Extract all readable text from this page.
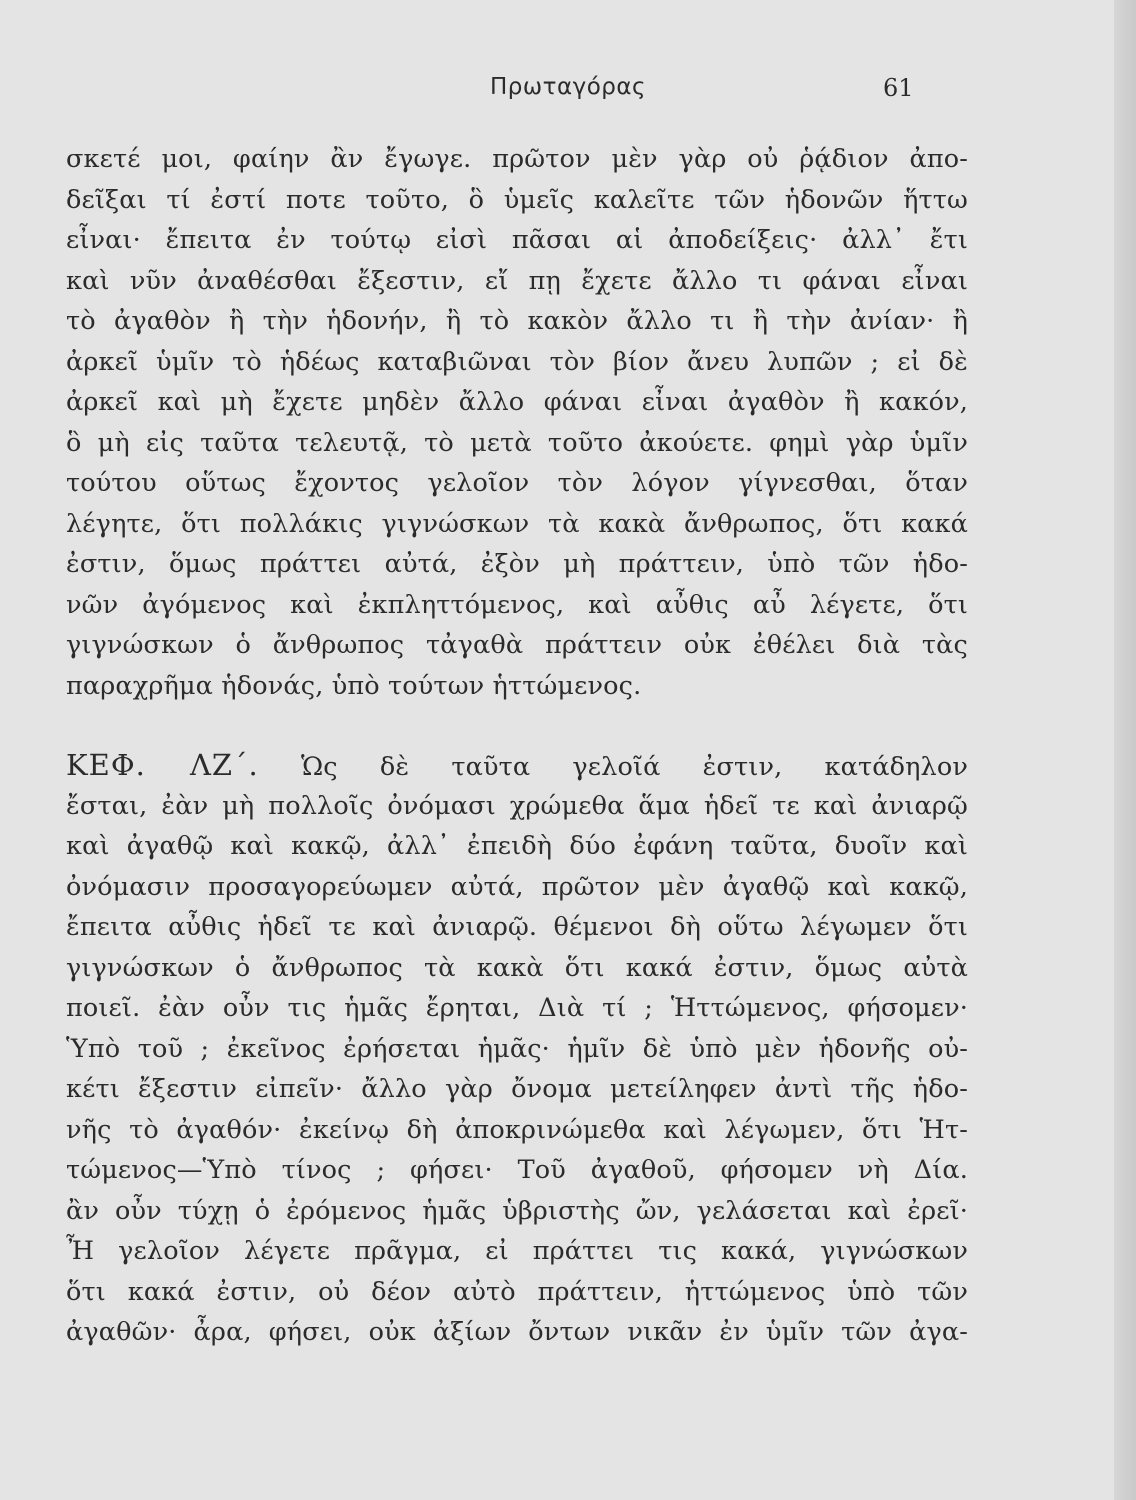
Πρωταγόρας	61
σκετέ μοι, φαίην ἂν ἔγωγε. πρῶτον μὲν γὰρ οὐ ῥᾴδιον ἀπο-
δεῖξαι τί ἐστί ποτε τοῦτο, ὃ ὑμεῖς καλεῖτε τῶν ἡδονῶν ἥττω
εἶναι· ἔπειτα ἐν τούτῳ εἰσὶ πᾶσαι αἱ ἀποδείξεις· ἀλλ᾽ ἔτι
καὶ νῦν ἀναθέσθαι ἔξεστιν, εἴ πῃ ἔχετε ἄλλο τι φάναι εἶναι
τὸ ἀγαθὸν ἢ τὴν ἡδονήν, ἢ τὸ κακὸν ἄλλο τι ἢ τὴν ἀνίαν· ἢ
ἀρκεῖ ὑμῖν τὸ ἡδέως καταβιῶναι τὸν βίον ἄνευ λυπῶν ; εἰ δὲ
ἀρκεῖ καὶ μὴ ἔχετε μηδὲν ἄλλο φάναι εἶναι ἀγαθὸν ἢ κακόν,
ὃ μὴ εἰς ταῦτα τελευτᾷ, τὸ μετὰ τοῦτο ἀκούετε. φημὶ γὰρ ὑμῖν
τούτου οὕτως ἔχοντος γελοῖον τὸν λόγον γίγνεσθαι, ὅταν
λέγητε, ὅτι πολλάκις γιγνώσκων τὰ κακὰ ἄνθρωπος, ὅτι κακά
ἐστιν, ὅμως πράττει αὐτά, ἐξὸν μὴ πράττειν, ὑπὸ τῶν ἡδο-
νῶν ἀγόμενος καὶ ἐκπληττόμενος, καὶ αὖθις αὖ λέγετε, ὅτι
γιγνώσκων ὁ ἄνθρωπος τἀγαθὰ πράττειν οὐκ ἐθέλει διὰ τὰς
παραχρῆμα ἡδονάς, ὑπὸ τούτων ἡττώμενος.
ΚΕΦ. ΛΖ΄. Ὡς δὲ ταῦτα γελοῖά ἐστιν, κατάδηλον
ἔσται, ἐὰν μὴ πολλοῖς ὀνόμασι χρώμεθα ἅμα ἡδεῖ τε καὶ ἀνιαρῷ
καὶ ἀγαθῷ καὶ κακῷ, ἀλλ᾽ ἐπειδὴ δύο ἐφάνη ταῦτα, δυοῖν καὶ
ὀνόμασιν προσαγορεύωμεν αὐτά, πρῶτον μὲν ἀγαθῷ καὶ κακῷ,
ἔπειτα αὖθις ἡδεῖ τε καὶ ἀνιαρῷ. θέμενοι δὴ οὕτω λέγωμεν ὅτι
γιγνώσκων ὁ ἄνθρωπος τὰ κακὰ ὅτι κακά ἐστιν, ὅμως αὐτὰ
ποιεῖ. ἐὰν οὖν τις ἡμᾶς ἔρηται, Διὰ τί ; Ἡττώμενος, φήσομεν·
Ὑπὸ τοῦ ; ἐκεῖνος ἐρήσεται ἡμᾶς· ἡμῖν δὲ ὑπὸ μὲν ἡδονῆς οὐ-
κέτι ἔξεστιν εἰπεῖν· ἄλλο γὰρ ὄνομα μετείληφεν ἀντὶ τῆς ἡδο-
νῆς τὸ ἀγαθόν· ἐκείνῳ δὴ ἀποκρινώμεθα καὶ λέγωμεν, ὅτι Ἡτ-
τώμενος—Ὑπὸ τίνος ; φήσει· Τοῦ ἀγαθοῦ, φήσομεν νὴ Δία.
ἂν οὖν τύχῃ ὁ ἐρόμενος ἡμᾶς ὑβριστὴς ὤν, γελάσεται καὶ ἐρεῖ·
Ἦ γελοῖον λέγετε πρᾶγμα, εἰ πράττει τις κακά, γιγνώσκων
ὅτι κακά ἐστιν, οὐ δέον αὐτὸ πράττειν, ἡττώμενος ὑπὸ τῶν
ἀγαθῶν· ἆρα, φήσει, οὐκ ἀξίων ὄντων νικᾶν ἐν ὑμῖν τῶν ἀγα-
